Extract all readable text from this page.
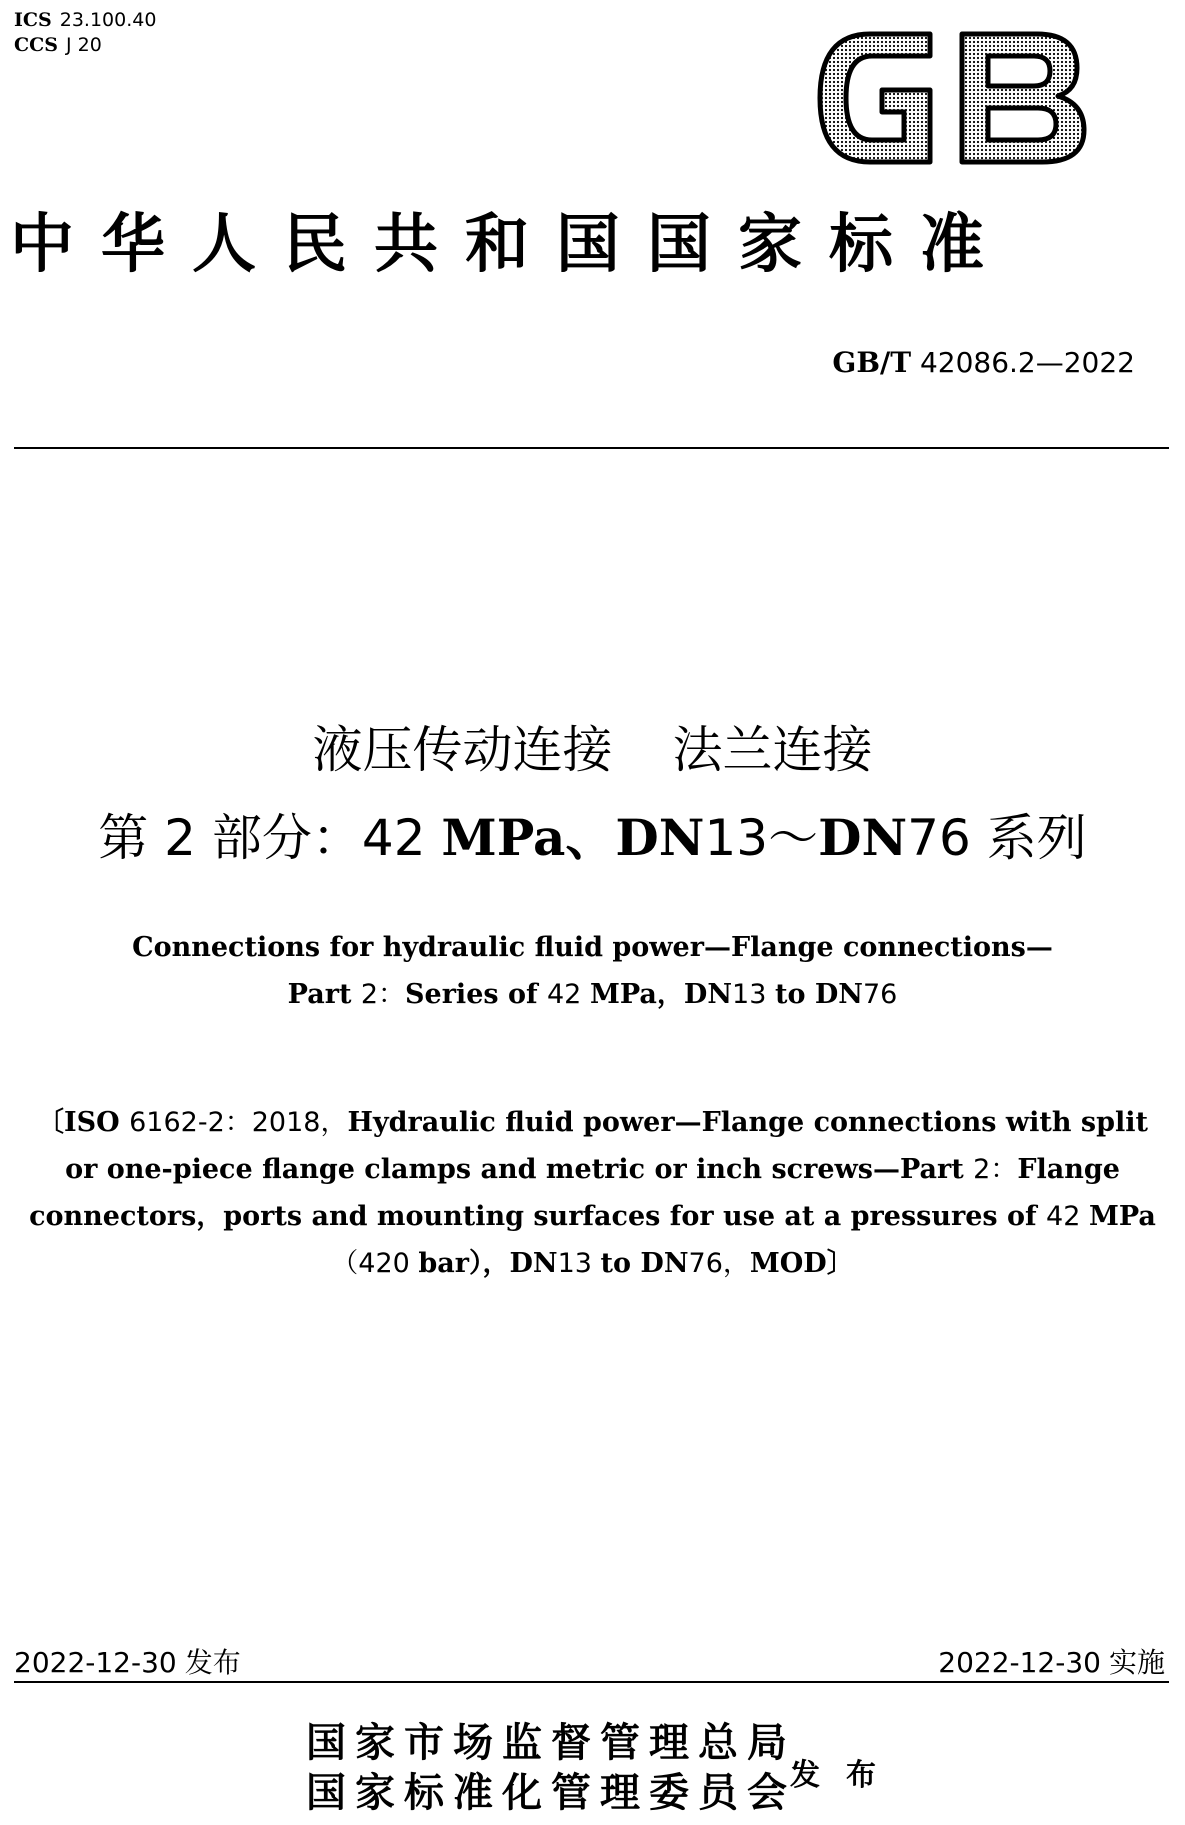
ICS 23.100.40
CCS J 20
中华人民共和国国家标准
GB/T 42086.2—2022
液压传动连接 法兰连接
第 2 部分：42 MPa、DN13～DN76 系列
Connections for hydraulic fluid power—Flange connections—
Part 2：Series of 42 MPa，DN13 to DN76
〔ISO 6162-2：2018，Hydraulic fluid power—Flange connections with split
or one-piece flange clamps and metric or inch screws—Part 2：Flange
connectors，ports and mounting surfaces for use at a pressures of 42 MPa
（420 bar），DN13 to DN76，MOD〕
2022-12-30 发布	2022-12-30 实施
国家市场监督管理总局
国家标准化管理委员会
发布
